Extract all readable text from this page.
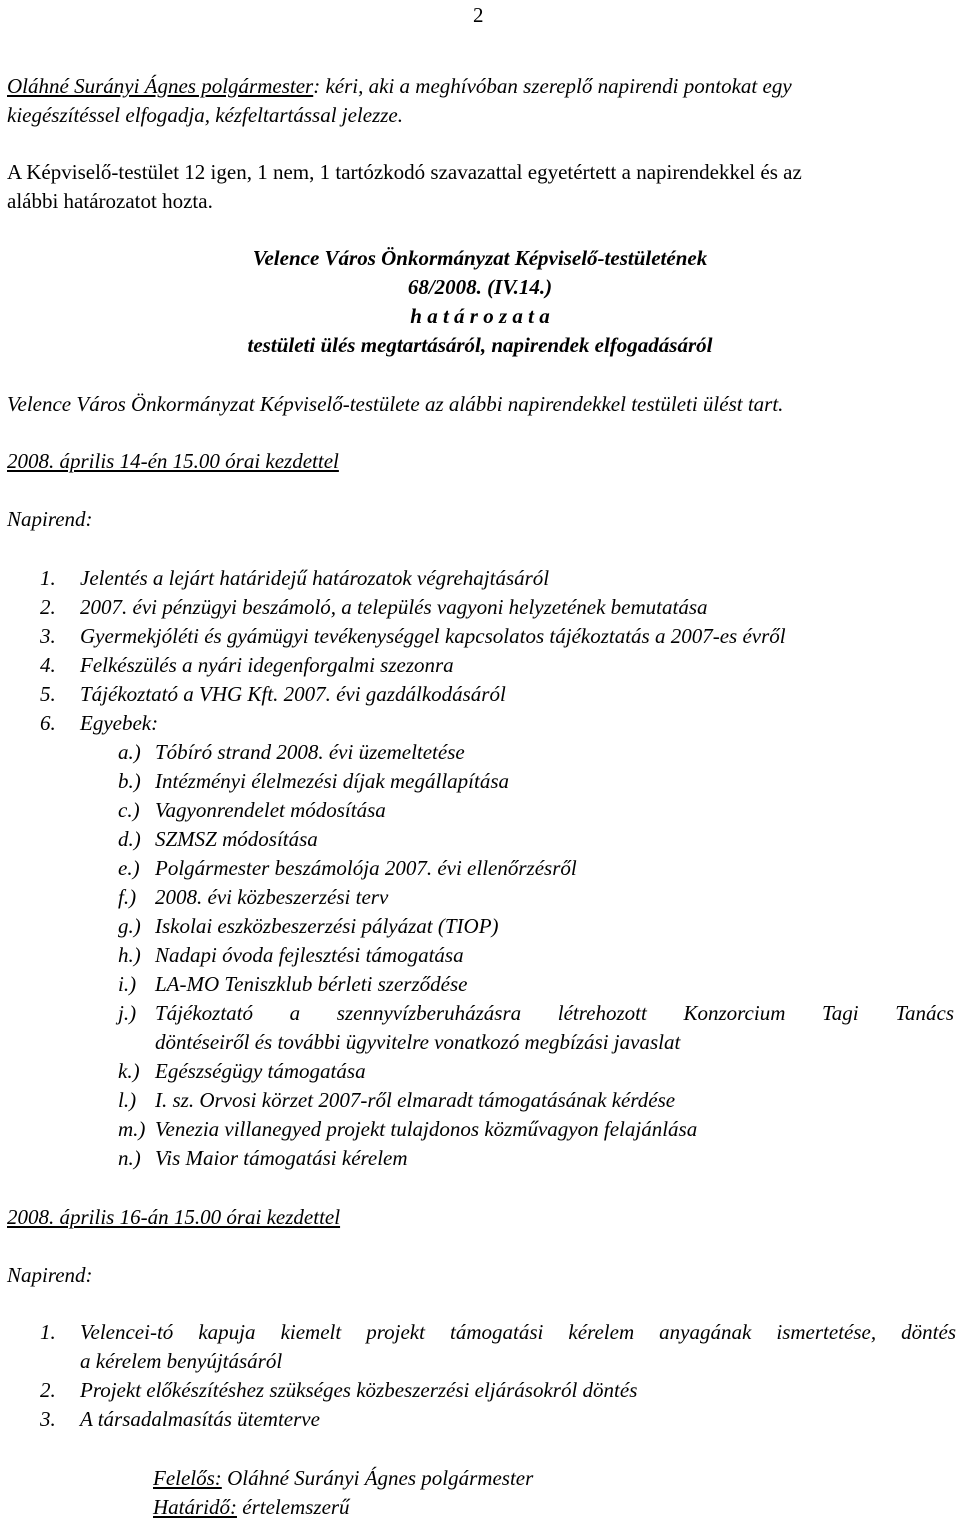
2
Oláhné Surányi Ágnes polgármester: kéri, aki a meghívóban szereplő napirendi pontokat egy
kiegészítéssel elfogadja, kézfeltartással jelezze.
A Képviselő-testület 12 igen, 1 nem, 1 tartózkodó szavazattal egyetértett a napirendekkel és az
alábbi határozatot hozta.
Velence Város Önkormányzat Képviselő-testületének
68/2008. (IV.14.)
h a t á r o z a t a
testületi ülés megtartásáról, napirendek elfogadásáról
Velence Város Önkormányzat Képviselő-testülete az alábbi napirendekkel testületi ülést tart.
2008. április 14-én 15.00 órai kezdettel
Napirend:
1. Jelentés a lejárt határidejű határozatok végrehajtásáról
2. 2007. évi pénzügyi beszámoló, a település vagyoni helyzetének bemutatása
3. Gyermekjóléti és gyámügyi tevékenységgel kapcsolatos tájékoztatás a 2007-es évről
4. Felkészülés a nyári idegenforgalmi szezonra
5. Tájékoztató a VHG Kft. 2007. évi gazdálkodásáról
6. Egyebek:
a.) Tóbíró strand 2008. évi üzemeltetése
b.) Intézményi élelmezési díjak megállapítása
c.) Vagyonrendelet módosítása
d.) SZMSZ módosítása
e.) Polgármester beszámolója 2007. évi ellenőrzésről
f.) 2008. évi közbeszerzési terv
g.) Iskolai eszközbeszerzési pályázat (TIOP)
h.) Nadapi óvoda fejlesztési támogatása
i.) LA-MO Teniszklub bérleti szerződése
j.) Tájékoztató a szennyvízberuházásra létrehozott Konzorcium Tagi Tanács
döntéseiről és további ügyvitelre vonatkozó megbízási javaslat
k.) Egészségügy támogatása
l.) I. sz. Orvosi körzet 2007-ről elmaradt támogatásának kérdése
m.) Venezia villanegyed projekt tulajdonos közművagyon felajánlása
n.) Vis Maior támogatási kérelem
2008. április 16-án 15.00 órai kezdettel
Napirend:
1. Velencei-tó kapuja kiemelt projekt támogatási kérelem anyagának ismertetése, döntés
a kérelem benyújtásáról
2. Projekt előkészítéshez szükséges közbeszerzési eljárásokról döntés
3. A társadalmasítás ütemterve
Felelős: Oláhné Surányi Ágnes polgármester
Határidő: értelemszerű
